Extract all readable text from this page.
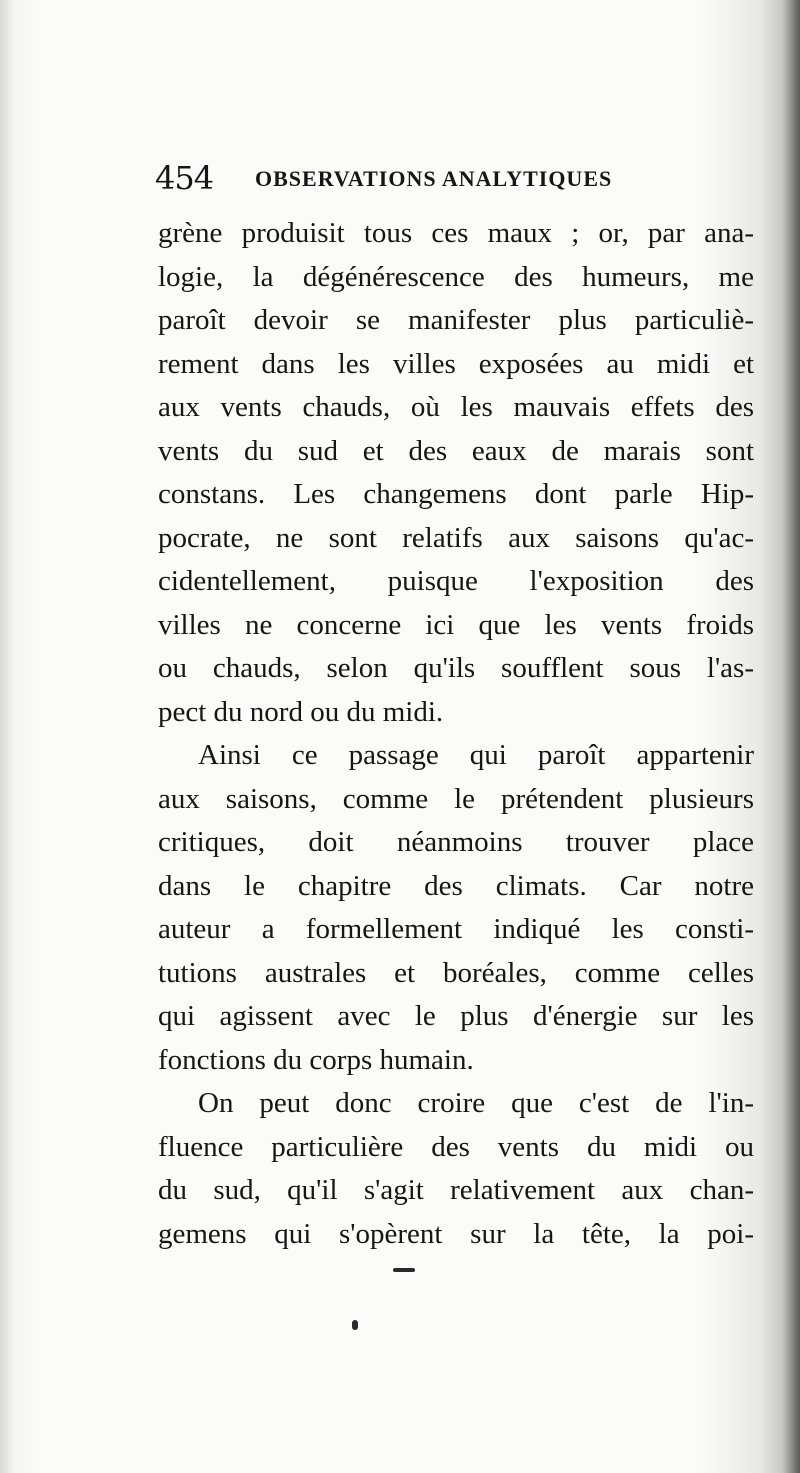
454 OBSERVATIONS ANALYTIQUES
grène produisit tous ces maux ; or, par ana-
logie, la dégénérescence des humeurs, me
paroît devoir se manifester plus particuliè-
rement dans les villes exposées au midi et
aux vents chauds, où les mauvais effets des
vents du sud et des eaux de marais sont
constans. Les changemens dont parle Hip-
pocrate, ne sont relatifs aux saisons qu'ac-
cidentellement, puisque l'exposition des
villes ne concerne ici que les vents froids
ou chauds, selon qu'ils soufflent sous l'as-
pect du nord ou du midi.
Ainsi ce passage qui paroît appartenir
aux saisons, comme le prétendent plusieurs
critiques, doit néanmoins trouver place
dans le chapitre des climats. Car notre
auteur a formellement indiqué les consti-
tutions australes et boréales, comme celles
qui agissent avec le plus d'énergie sur les
fonctions du corps humain.
On peut donc croire que c'est de l'in-
fluence particulière des vents du midi ou
du sud, qu'il s'agit relativement aux chan-
gemens qui s'opèrent sur la tête, la poi-
